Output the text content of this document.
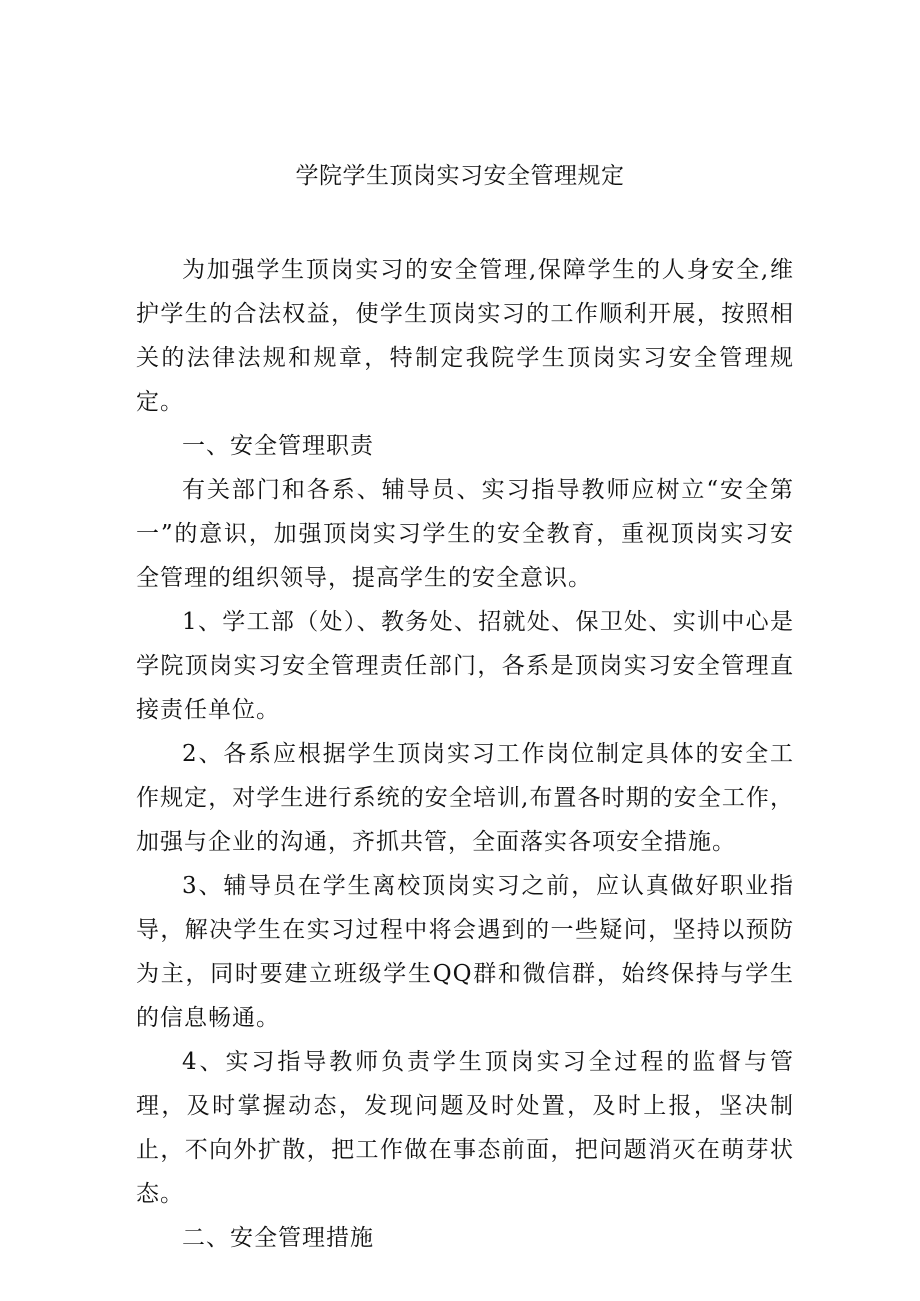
学院学生顶岗实习安全管理规定

为加强学生顶岗实习的安全管理,保障学生的人身安全,维护学生的合法权益，使学生顶岗实习的工作顺利开展，按照相关的法律法规和规章，特制定我院学生顶岗实习安全管理规定。

一、安全管理职责

有关部门和各系、辅导员、实习指导教师应树立“安全第一”的意识，加强顶岗实习学生的安全教育，重视顶岗实习安全管理的组织领导，提高学生的安全意识。

1、学工部（处）、教务处、招就处、保卫处、实训中心是学院顶岗实习安全管理责任部门，各系是顶岗实习安全管理直接责任单位。

2、各系应根据学生顶岗实习工作岗位制定具体的安全工作规定，对学生进行系统的安全培训,布置各时期的安全工作，加强与企业的沟通，齐抓共管，全面落实各项安全措施。

3、辅导员在学生离校顶岗实习之前，应认真做好职业指导，解决学生在实习过程中将会遇到的一些疑问，坚持以预防为主，同时要建立班级学生QQ群和微信群，始终保持与学生的信息畅通。

4、实习指导教师负责学生顶岗实习全过程的监督与管理，及时掌握动态，发现问题及时处置，及时上报，坚决制止，不向外扩散，把工作做在事态前面，把问题消灭在萌芽状态。

二、安全管理措施
